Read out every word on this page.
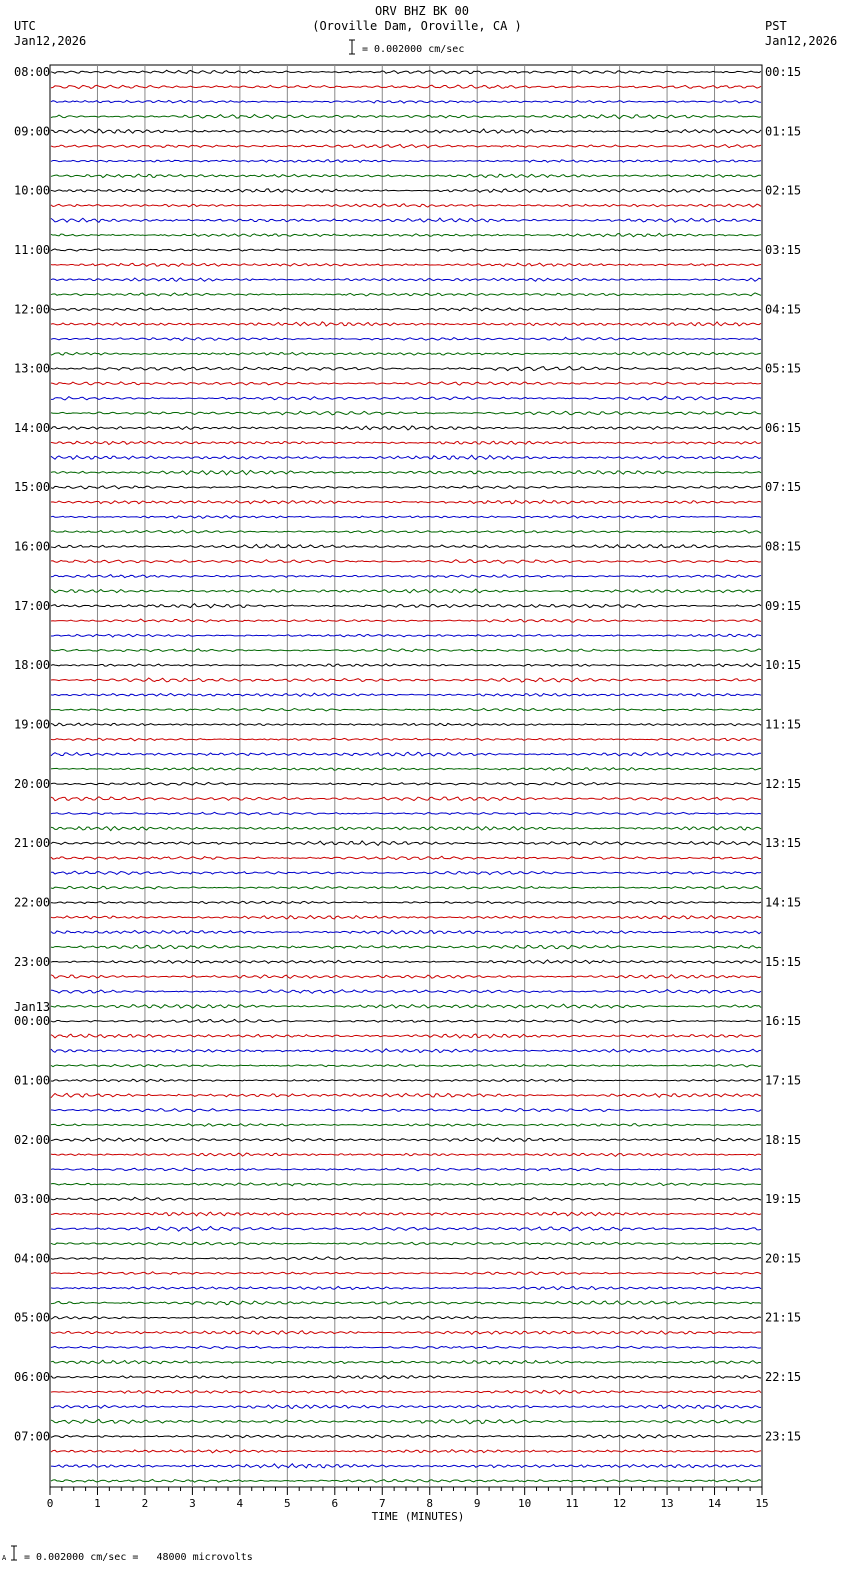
ORV BHZ BK 00
(Oroville Dam, Oroville, CA )
UTC
Jan12,2026
PST
Jan12,2026
= 0.002000 cm/sec
08:00
09:00
10:00
11:00
12:00
13:00
14:00
15:00
16:00
17:00
18:00
19:00
20:00
21:00
22:00
23:00
Jan13
00:00
01:00
02:00
03:00
04:00
05:00
06:00
07:00
00:15
01:15
02:15
03:15
04:15
05:15
06:15
07:15
08:15
09:15
10:15
11:15
12:15
13:15
14:15
15:15
16:15
17:15
18:15
19:15
20:15
21:15
22:15
23:15
0	1	2	3	4	5	6	7	8	9	10	11	12	13	14	15
TIME (MINUTES)
A = 0.002000 cm/sec =   48000 microvolts
